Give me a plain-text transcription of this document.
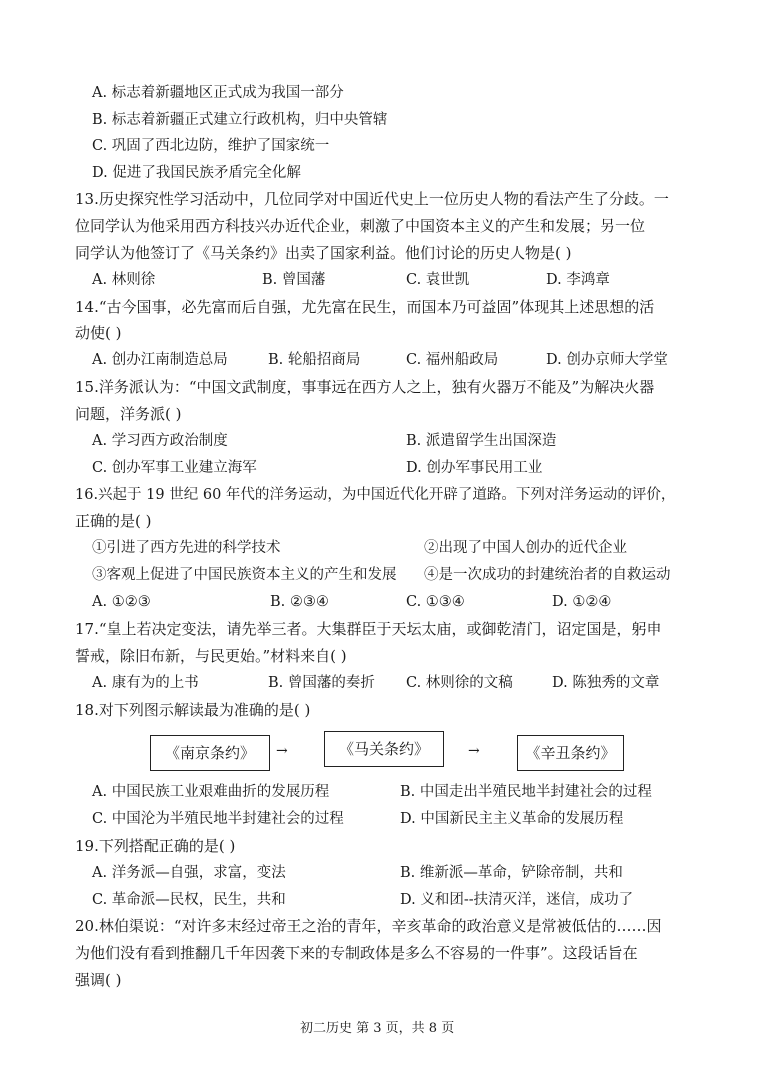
A. 标志着新疆地区正式成为我国一部分
B. 标志着新疆正式建立行政机构，归中央管辖
C. 巩固了西北边防，维护了国家统一
D. 促进了我国民族矛盾完全化解
13.历史探究性学习活动中，几位同学对中国近代史上一位历史人物的看法产生了分歧。一
位同学认为他采用西方科技兴办近代企业，刺激了中国资本主义的产生和发展；另一位
同学认为他签订了《马关条约》出卖了国家利益。他们讨论的历史人物是( )
A. 林则徐	B. 曾国藩	C. 袁世凯	D. 李鸿章
14.“古今国事，必先富而后自强，尤先富在民生，而国本乃可益固”体现其上述思想的活
动使( )
A. 创办江南制造总局	B. 轮船招商局	C. 福州船政局	D. 创办京师大学堂
15.洋务派认为：“中国文武制度，事事远在西方人之上，独有火器万不能及”为解决火器
问题，洋务派( )
A. 学习西方政治制度	B. 派遣留学生出国深造
C. 创办军事工业建立海军	D. 创办军事民用工业
16.兴起于 19 世纪 60 年代的洋务运动，为中国近代化开辟了道路。下列对洋务运动的评价，
正确的是( )
①引进了西方先进的科学技术	②出现了中国人创办的近代企业
③客观上促进了中国民族资本主义的产生和发展 ④是一次成功的封建统治者的自救运动
A. ①②③	B. ②③④	C. ①③④	D. ①②④
17.“皇上若决定变法，请先举三者。大集群臣于天坛太庙，或御乾清门，诏定国是，躬申
誓戒，除旧布新，与民更始。”材料来自( )
A. 康有为的上书	B. 曾国藩的奏折 C. 林则徐的文稿	D. 陈独秀的文章
18.对下列图示解读最为准确的是( )
《南京条约》	→	《马关条约》	→	《辛丑条约》
A. 中国民族工业艰难曲折的发展历程	B. 中国走出半殖民地半封建社会的过程
C. 中国沦为半殖民地半封建社会的过程	D. 中国新民主主义革命的发展历程
19.下列搭配正确的是( )
A. 洋务派—自强，求富，变法	B. 维新派—革命，铲除帝制，共和
C. 革命派—民权，民生，共和	D. 义和团--扶清灭洋，迷信，成功了
20.林伯渠说：“对许多末经过帝王之治的青年，辛亥革命的政治意义是常被低估的……因
为他们没有看到推翻几千年因袭下来的专制政体是多么不容易的一件事”。这段话旨在
强调( )
初二历史 第 3 页，共 8 页
